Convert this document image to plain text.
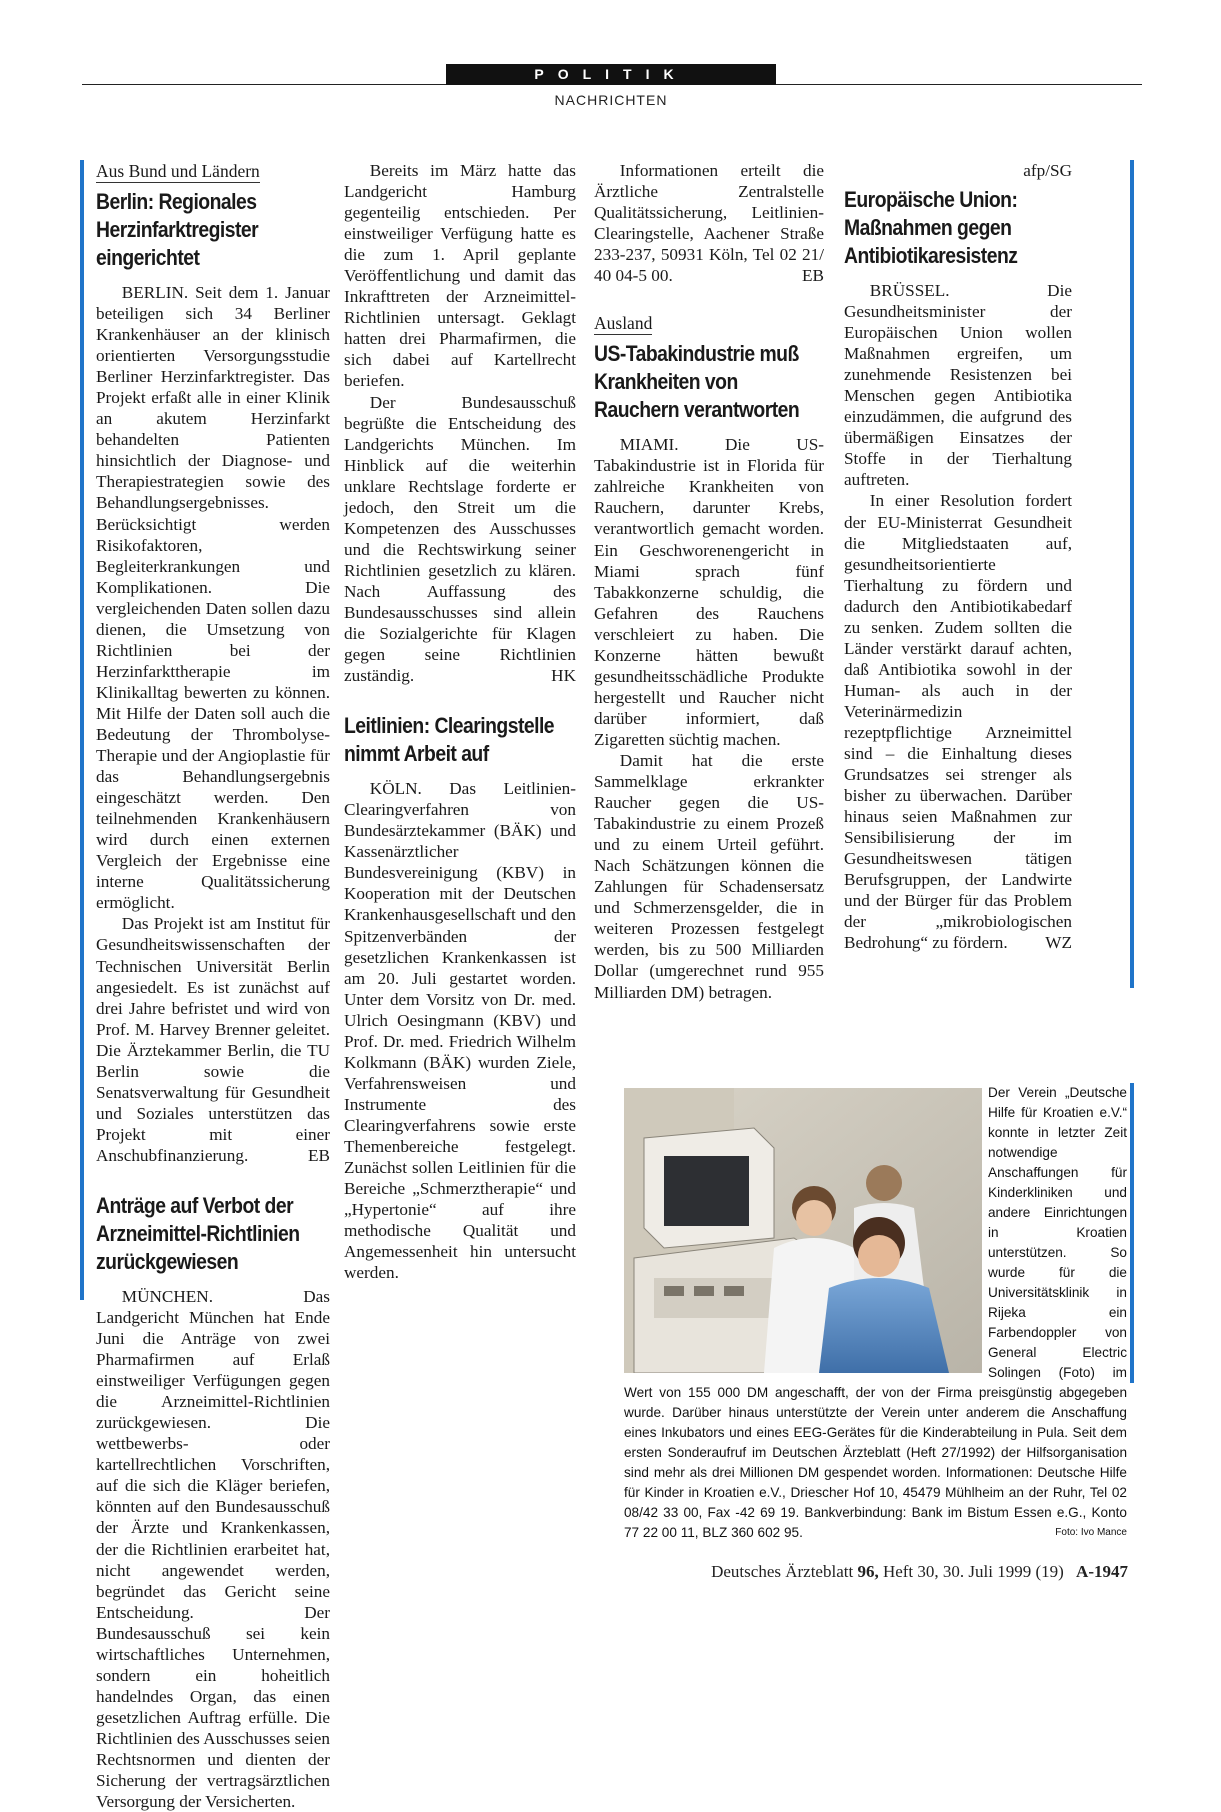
POLITIK
NACHRICHTEN
Aus Bund und Ländern
Berlin: Regionales Herzinfarktregister eingerichtet

BERLIN. Seit dem 1. Januar beteiligen sich 34 Berliner Krankenhäuser an der klinisch orientierten Versorgungsstudie Berliner Herzinfarktregister. Das Projekt erfaßt alle in einer Klinik an akutem Herzinfarkt behandelten Patienten hinsichtlich der Diagnose- und Therapiestrategien sowie des Behandlungsergebnisses. Berücksichtigt werden Risikofaktoren, Begleiterkrankungen und Komplikationen. Die vergleichenden Daten sollen dazu dienen, die Umsetzung von Richtlinien bei der Herzinfarkttherapie im Klinikalltag bewerten zu können. Mit Hilfe der Daten soll auch die Bedeutung der Thrombolyse-Therapie und der Angioplastie für das Behandlungsergebnis eingeschätzt werden. Den teilnehmenden Krankenhäusern wird durch einen externen Vergleich der Ergebnisse eine interne Qualitätssicherung ermöglicht.

Das Projekt ist am Institut für Gesundheitswissenschaften der Technischen Universität Berlin angesiedelt. Es ist zunächst auf drei Jahre befristet und wird von Prof. M. Harvey Brenner geleitet. Die Ärztekammer Berlin, die TU Berlin sowie die Senatsverwaltung für Gesundheit und Soziales unterstützen das Projekt mit einer Anschubfinanzierung.	EB

Anträge auf Verbot der Arzneimittel-Richtlinien zurückgewiesen

MÜNCHEN. Das Landgericht München hat Ende Juni die Anträge von zwei Pharmafirmen auf Erlaß einstweiliger Verfügungen gegen die Arzneimittel-Richtlinien zurückgewiesen. Die wettbewerbs- oder kartellrechtlichen Vorschriften, auf die sich die Kläger beriefen, könnten auf den Bundesausschuß der Ärzte und Krankenkassen, der die Richtlinien erarbeitet hat, nicht angewendet werden, begründet das Gericht seine Entscheidung. Der Bundesausschuß sei kein wirtschaftliches Unternehmen, sondern ein hoheitlich handelndes Organ, das einen gesetzlichen Auftrag erfülle. Die Richtlinien des Ausschusses seien Rechtsnormen und dienten der Sicherung der vertragsärztlichen Versorgung der Versicherten.

Bereits im März hatte das Landgericht Hamburg gegenteilig entschieden. Per einstweiliger Verfügung hatte es die zum 1. April geplante Veröffentlichung und damit das Inkrafttreten der Arzneimittel-Richtlinien untersagt. Geklagt hatten drei Pharmafirmen, die sich dabei auf Kartellrecht beriefen.

Der Bundesausschuß begrüßte die Entscheidung des Landgerichts München. Im Hinblick auf die weiterhin unklare Rechtslage forderte er jedoch, den Streit um die Kompetenzen des Ausschusses und die Rechtswirkung seiner Richtlinien gesetzlich zu klären. Nach Auffassung des Bundesausschusses sind allein die Sozialgerichte für Klagen gegen seine Richtlinien zuständig.	HK

Leitlinien: Clearingstelle nimmt Arbeit auf

KÖLN. Das Leitlinien-Clearingverfahren von Bundesärztekammer (BÄK) und Kassenärztlicher Bundesvereinigung (KBV) in Kooperation mit der Deutschen Krankenhausgesellschaft und den Spitzenverbänden der gesetzlichen Krankenkassen ist am 20. Juli gestartet worden. Unter dem Vorsitz von Dr. med. Ulrich Oesingmann (KBV) und Prof. Dr. med. Friedrich Wilhelm Kolkmann (BÄK) wurden Ziele, Verfahrensweisen und Instrumente des Clearingverfahrens sowie erste Themenbereiche festgelegt. Zunächst sollen Leitlinien für die Bereiche „Schmerztherapie“ und „Hypertonie“ auf ihre methodische Qualität und Angemessenheit hin untersucht werden.

Informationen erteilt die Ärztliche Zentralstelle Qualitätssicherung, Leitlinien-Clearingstelle, Aachener Straße 233-237, 50931 Köln, Tel 02 21/ 40 04-5 00.	EB

Ausland
US-Tabakindustrie muß Krankheiten von Rauchern verantworten

MIAMI. Die US-Tabakindustrie ist in Florida für zahlreiche Krankheiten von Rauchern, darunter Krebs, verantwortlich gemacht worden. Ein Geschworenengericht in Miami sprach fünf Tabakkonzerne schuldig, die Gefahren des Rauchens verschleiert zu haben. Die Konzerne hätten bewußt gesundheitsschädliche Produkte hergestellt und Raucher nicht darüber informiert, daß Zigaretten süchtig machen.

Damit hat die erste Sammelklage erkrankter Raucher gegen die US-Tabakindustrie zu einem Prozeß und zu einem Urteil geführt. Nach Schätzungen können die Zahlungen für Schadensersatz und Schmerzensgelder, die in weiteren Prozessen festgelegt werden, bis zu 500 Milliarden Dollar (umgerechnet rund 955 Milliarden DM) betragen.

afp/SG

Europäische Union: Maßnahmen gegen Antibiotikaresistenz

BRÜSSEL. Die Gesundheitsminister der Europäischen Union wollen Maßnahmen ergreifen, um zunehmende Resistenzen bei Menschen gegen Antibiotika einzudämmen, die aufgrund des übermäßigen Einsatzes der Stoffe in der Tierhaltung auftreten.

In einer Resolution fordert der EU-Ministerrat Gesundheit die Mitgliedstaaten auf, gesundheitsorientierte Tierhaltung zu fördern und dadurch den Antibiotikabedarf zu senken. Zudem sollten die Länder verstärkt darauf achten, daß Antibiotika sowohl in der Human- als auch in der Veterinärmedizin rezeptpflichtige Arzneimittel sind – die Einhaltung dieses Grundsatzes sei strenger als bisher zu überwachen. Darüber hinaus seien Maßnahmen zur Sensibilisierung der im Gesundheitswesen tätigen Berufsgruppen, der Landwirte und der Bürger für das Problem der „mikrobiologischen Bedrohung“ zu fördern. WZ

Der Verein „Deutsche Hilfe für Kroatien e.V.“ konnte in letzter Zeit notwendige Anschaffungen für Kinderkliniken und andere Einrichtungen in Kroatien unterstützen. So wurde für die Universitätsklinik in Rijeka ein Farbendoppler von General Electric Solingen (Foto) im Wert von 155 000 DM angeschafft, der von der Firma preisgünstig abgegeben wurde. Darüber hinaus unterstützte der Verein unter anderem die Anschaffung eines Inkubators und eines EEG-Gerätes für die Kinderabteilung in Pula. Seit dem ersten Sonderaufruf im Deutschen Ärzteblatt (Heft 27/1992) der Hilfsorganisation sind mehr als drei Millionen DM gespendet worden. Informationen: Deutsche Hilfe für Kinder in Kroatien e.V., Driescher Hof 10, 45479 Mühlheim an der Ruhr, Tel 02 08/42 33 00, Fax -42 69 19. Bankverbindung: Bank im Bistum Essen e.G., Konto 77 22 00 11, BLZ 360 602 95.	Foto: Ivo Mance
Deutsches Ärzteblatt 96, Heft 30, 30. Juli 1999 (19) A-1947
